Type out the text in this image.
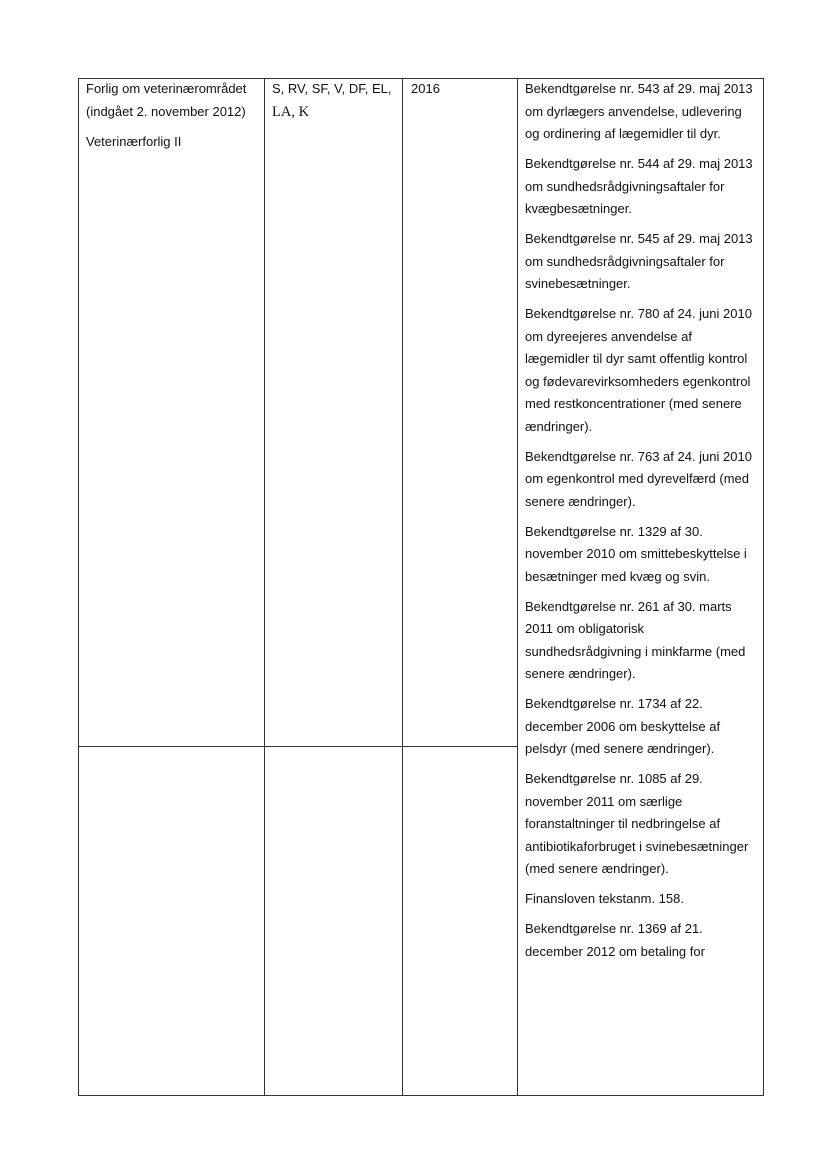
Forlig om veterinærområdet (indgået 2. november 2012)

Veterinærforlig II

S, RV, SF, V, DF, EL,
LA, K
2016	Bekendtgørelse nr. 543 af 29. maj 2013 om dyrlægers anvendelse, udlevering og ordinering af lægemidler til dyr.

Bekendtgørelse nr. 544 af 29. maj 2013 om sundhedsrådgivningsaftaler for kvægbesætninger.

Bekendtgørelse nr. 545 af 29. maj 2013 om sundhedsrådgivningsaftaler for svinebesætninger.

Bekendtgørelse nr. 780 af 24. juni 2010 om dyreejeres anvendelse af lægemidler til dyr samt offentlig kontrol og fødevarevirksomheders egenkontrol med restkoncentrationer (med senere ændringer).

Bekendtgørelse nr. 763 af 24. juni 2010 om egenkontrol med dyrevelfærd (med senere ændringer).

Bekendtgørelse nr. 1329 af 30. november 2010 om smittebeskyttelse i besætninger med kvæg og svin.

Bekendtgørelse nr. 261 af 30. marts 2011 om obligatorisk sundhedsrådgivning i minkfarme (med senere ændringer).

Bekendtgørelse nr. 1734 af 22. december 2006 om beskyttelse af pelsdyr (med senere ændringer).

Bekendtgørelse nr. 1085 af 29. november 2011 om særlige foranstaltninger til nedbringelse af antibiotikaforbruget i svinebesætninger (med senere ændringer).

Finansloven tekstanm. 158.

Bekendtgørelse nr. 1369 af 21. december 2012 om betaling for
